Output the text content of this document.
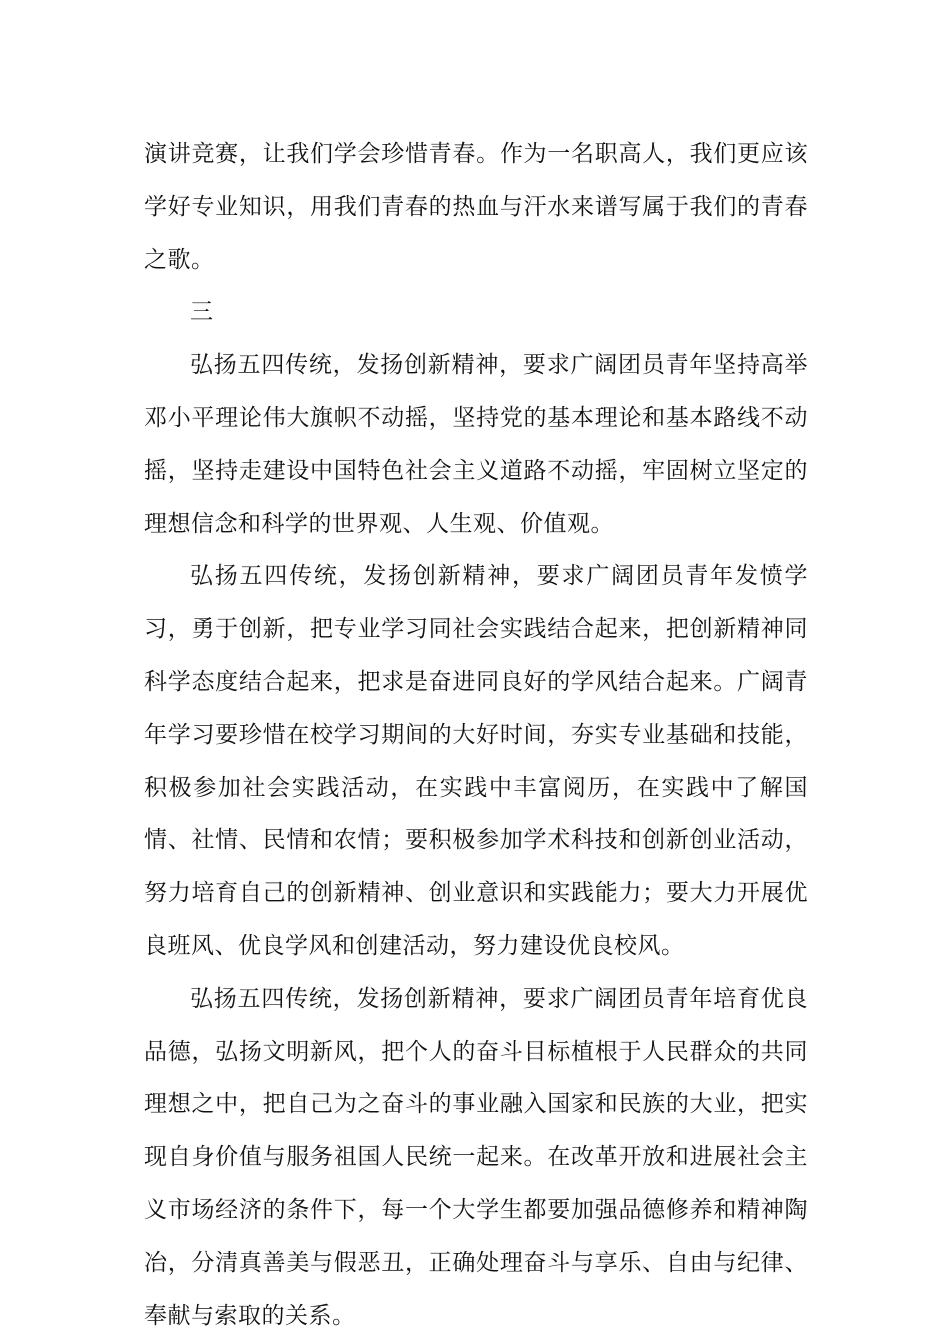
演讲竞赛，让我们学会珍惜青春。作为一名职高人，我们更应该学好专业知识，用我们青春的热血与汗水来谱写属于我们的青春之歌。

三

弘扬五四传统，发扬创新精神，要求广阔团员青年坚持高举邓小平理论伟大旗帜不动摇，坚持党的基本理论和基本路线不动摇，坚持走建设中国特色社会主义道路不动摇，牢固树立坚定的理想信念和科学的世界观、人生观、价值观。

弘扬五四传统，发扬创新精神，要求广阔团员青年发愤学习，勇于创新，把专业学习同社会实践结合起来，把创新精神同科学态度结合起来，把求是奋进同良好的学风结合起来。广阔青年学习要珍惜在校学习期间的大好时间，夯实专业基础和技能，积极参加社会实践活动，在实践中丰富阅历，在实践中了解国情、社情、民情和农情；要积极参加学术科技和创新创业活动，努力培育自己的创新精神、创业意识和实践能力；要大力开展优良班风、优良学风和创建活动，努力建设优良校风。

弘扬五四传统，发扬创新精神，要求广阔团员青年培育优良品德，弘扬文明新风，把个人的奋斗目标植根于人民群众的共同理想之中，把自己为之奋斗的事业融入国家和民族的大业，把实现自身价值与服务祖国人民统一起来。在改革开放和进展社会主义市场经济的条件下，每一个大学生都要加强品德修养和精神陶冶，分清真善美与假恶丑，正确处理奋斗与享乐、自由与纪律、奉献与索取的关系。
